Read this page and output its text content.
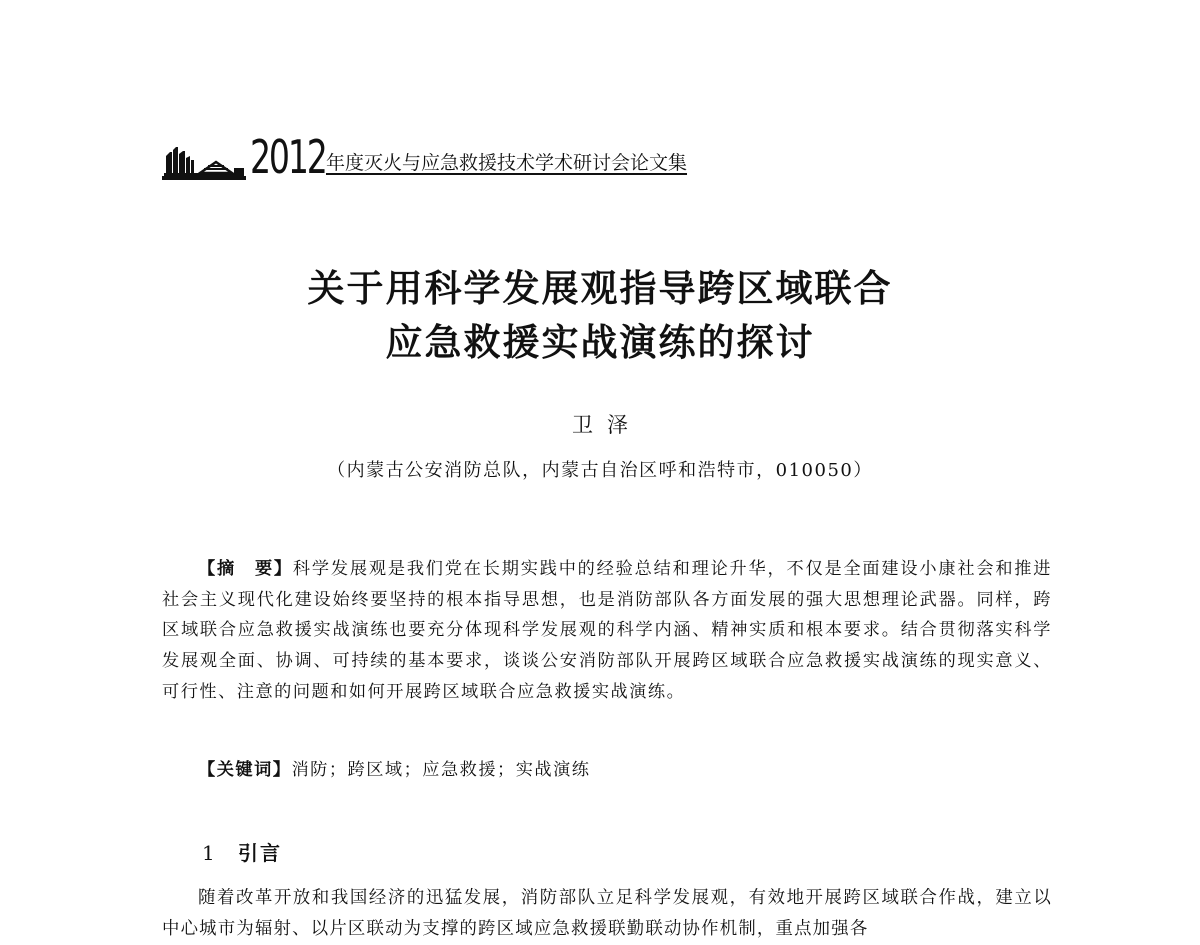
2012 年度灭火与应急救援技术学术研讨会论文集
关于用科学发展观指导跨区域联合
应急救援实战演练的探讨
卫泽
（内蒙古公安消防总队，内蒙古自治区呼和浩特市，010050）
【摘　要】科学发展观是我们党在长期实践中的经验总结和理论升华，不仅是全面建设小康社会和推进社会主义现代化建设始终要坚持的根本指导思想，也是消防部队各方面发展的强大思想理论武器。同样，跨区域联合应急救援实战演练也要充分体现科学发展观的科学内涵、精神实质和根本要求。结合贯彻落实科学发展观全面、协调、可持续的基本要求，谈谈公安消防部队开展跨区域联合应急救援实战演练的现实意义、可行性、注意的问题和如何开展跨区域联合应急救援实战演练。
【关键词】消防；跨区域；应急救援；实战演练
1 引言
随着改革开放和我国经济的迅猛发展，消防部队立足科学发展观，有效地开展跨区域联合作战，建立以中心城市为辐射、以片区联动为支撑的跨区域应急救援联勤联动协作机制，重点加强各
